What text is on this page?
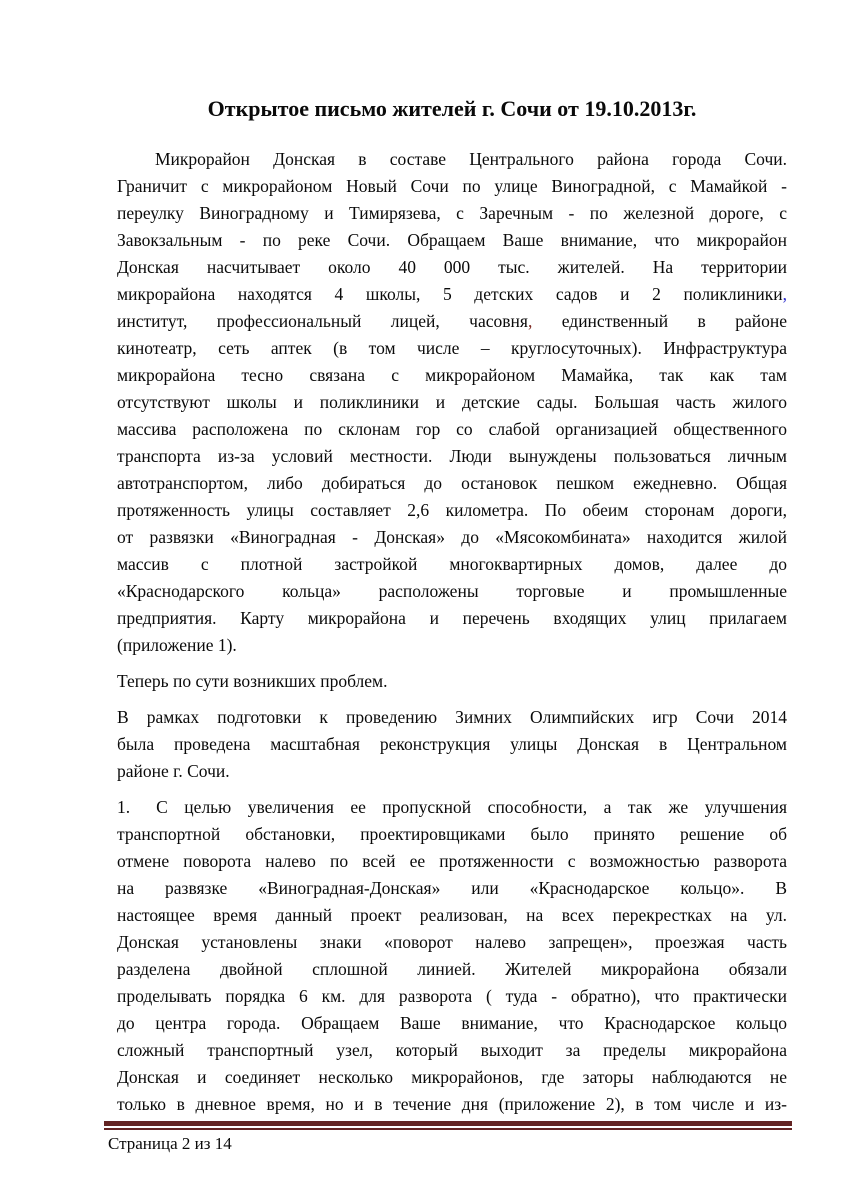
Открытое письмо жителей г. Сочи от 19.10.2013г.
Микрорайон Донская в составе Центрального района города Сочи.
Граничит с микрорайоном Новый Сочи по улице Виноградной, с Мамайкой -
переулку Виноградному и Тимирязева, с Заречным - по железной дороге, с
Завокзальным - по реке Сочи. Обращаем Ваше внимание, что микрорайон
Донская насчитывает около 40 000 тыс. жителей. На территории
микрорайона находятся 4 школы, 5 детских садов и 2 поликлиники,
институт, профессиональный лицей, часовня, единственный в районе
кинотеатр, сеть аптек (в том числе – круглосуточных). Инфраструктура
микрорайона тесно связана с микрорайоном Мамайка, так как там
отсутствуют школы и поликлиники и детские сады. Большая часть жилого
массива расположена по склонам гор со слабой организацией общественного
транспорта из-за условий местности. Люди вынуждены пользоваться личным
автотранспортом, либо добираться до остановок пешком ежедневно. Общая
протяженность улицы составляет 2,6 километра. По обеим сторонам дороги,
от развязки «Виноградная - Донская» до «Мясокомбината» находится жилой
массив с плотной застройкой многоквартирных домов, далее до
«Краснодарского кольца» расположены торговые и промышленные
предприятия. Карту микрорайона и перечень входящих улиц прилагаем
(приложение 1).
Теперь по сути возникших проблем.
В рамках подготовки к проведению Зимних Олимпийских игр Сочи 2014
была проведена масштабная реконструкция улицы Донская в Центральном
районе г. Сочи.
1. С целью увеличения ее пропускной способности, а так же улучшения
транспортной обстановки, проектировщиками было принято решение об
отмене поворота налево по всей ее протяженности с возможностью разворота
на развязке «Виноградная-Донская» или «Краснодарское кольцо». В
настоящее время данный проект реализован, на всех перекрестках на ул.
Донская установлены знаки «поворот налево запрещен», проезжая часть
разделена двойной сплошной линией. Жителей микрорайона обязали
проделывать порядка 6 км. для разворота ( туда - обратно), что практически
до центра города. Обращаем Ваше внимание, что Краснодарское кольцо
сложный транспортный узел, который выходит за пределы микрорайона
Донская и соединяет несколько микрорайонов, где заторы наблюдаются не
только в дневное время, но и в течение дня (приложение 2), в том числе и из-
Страница 2 из 14
